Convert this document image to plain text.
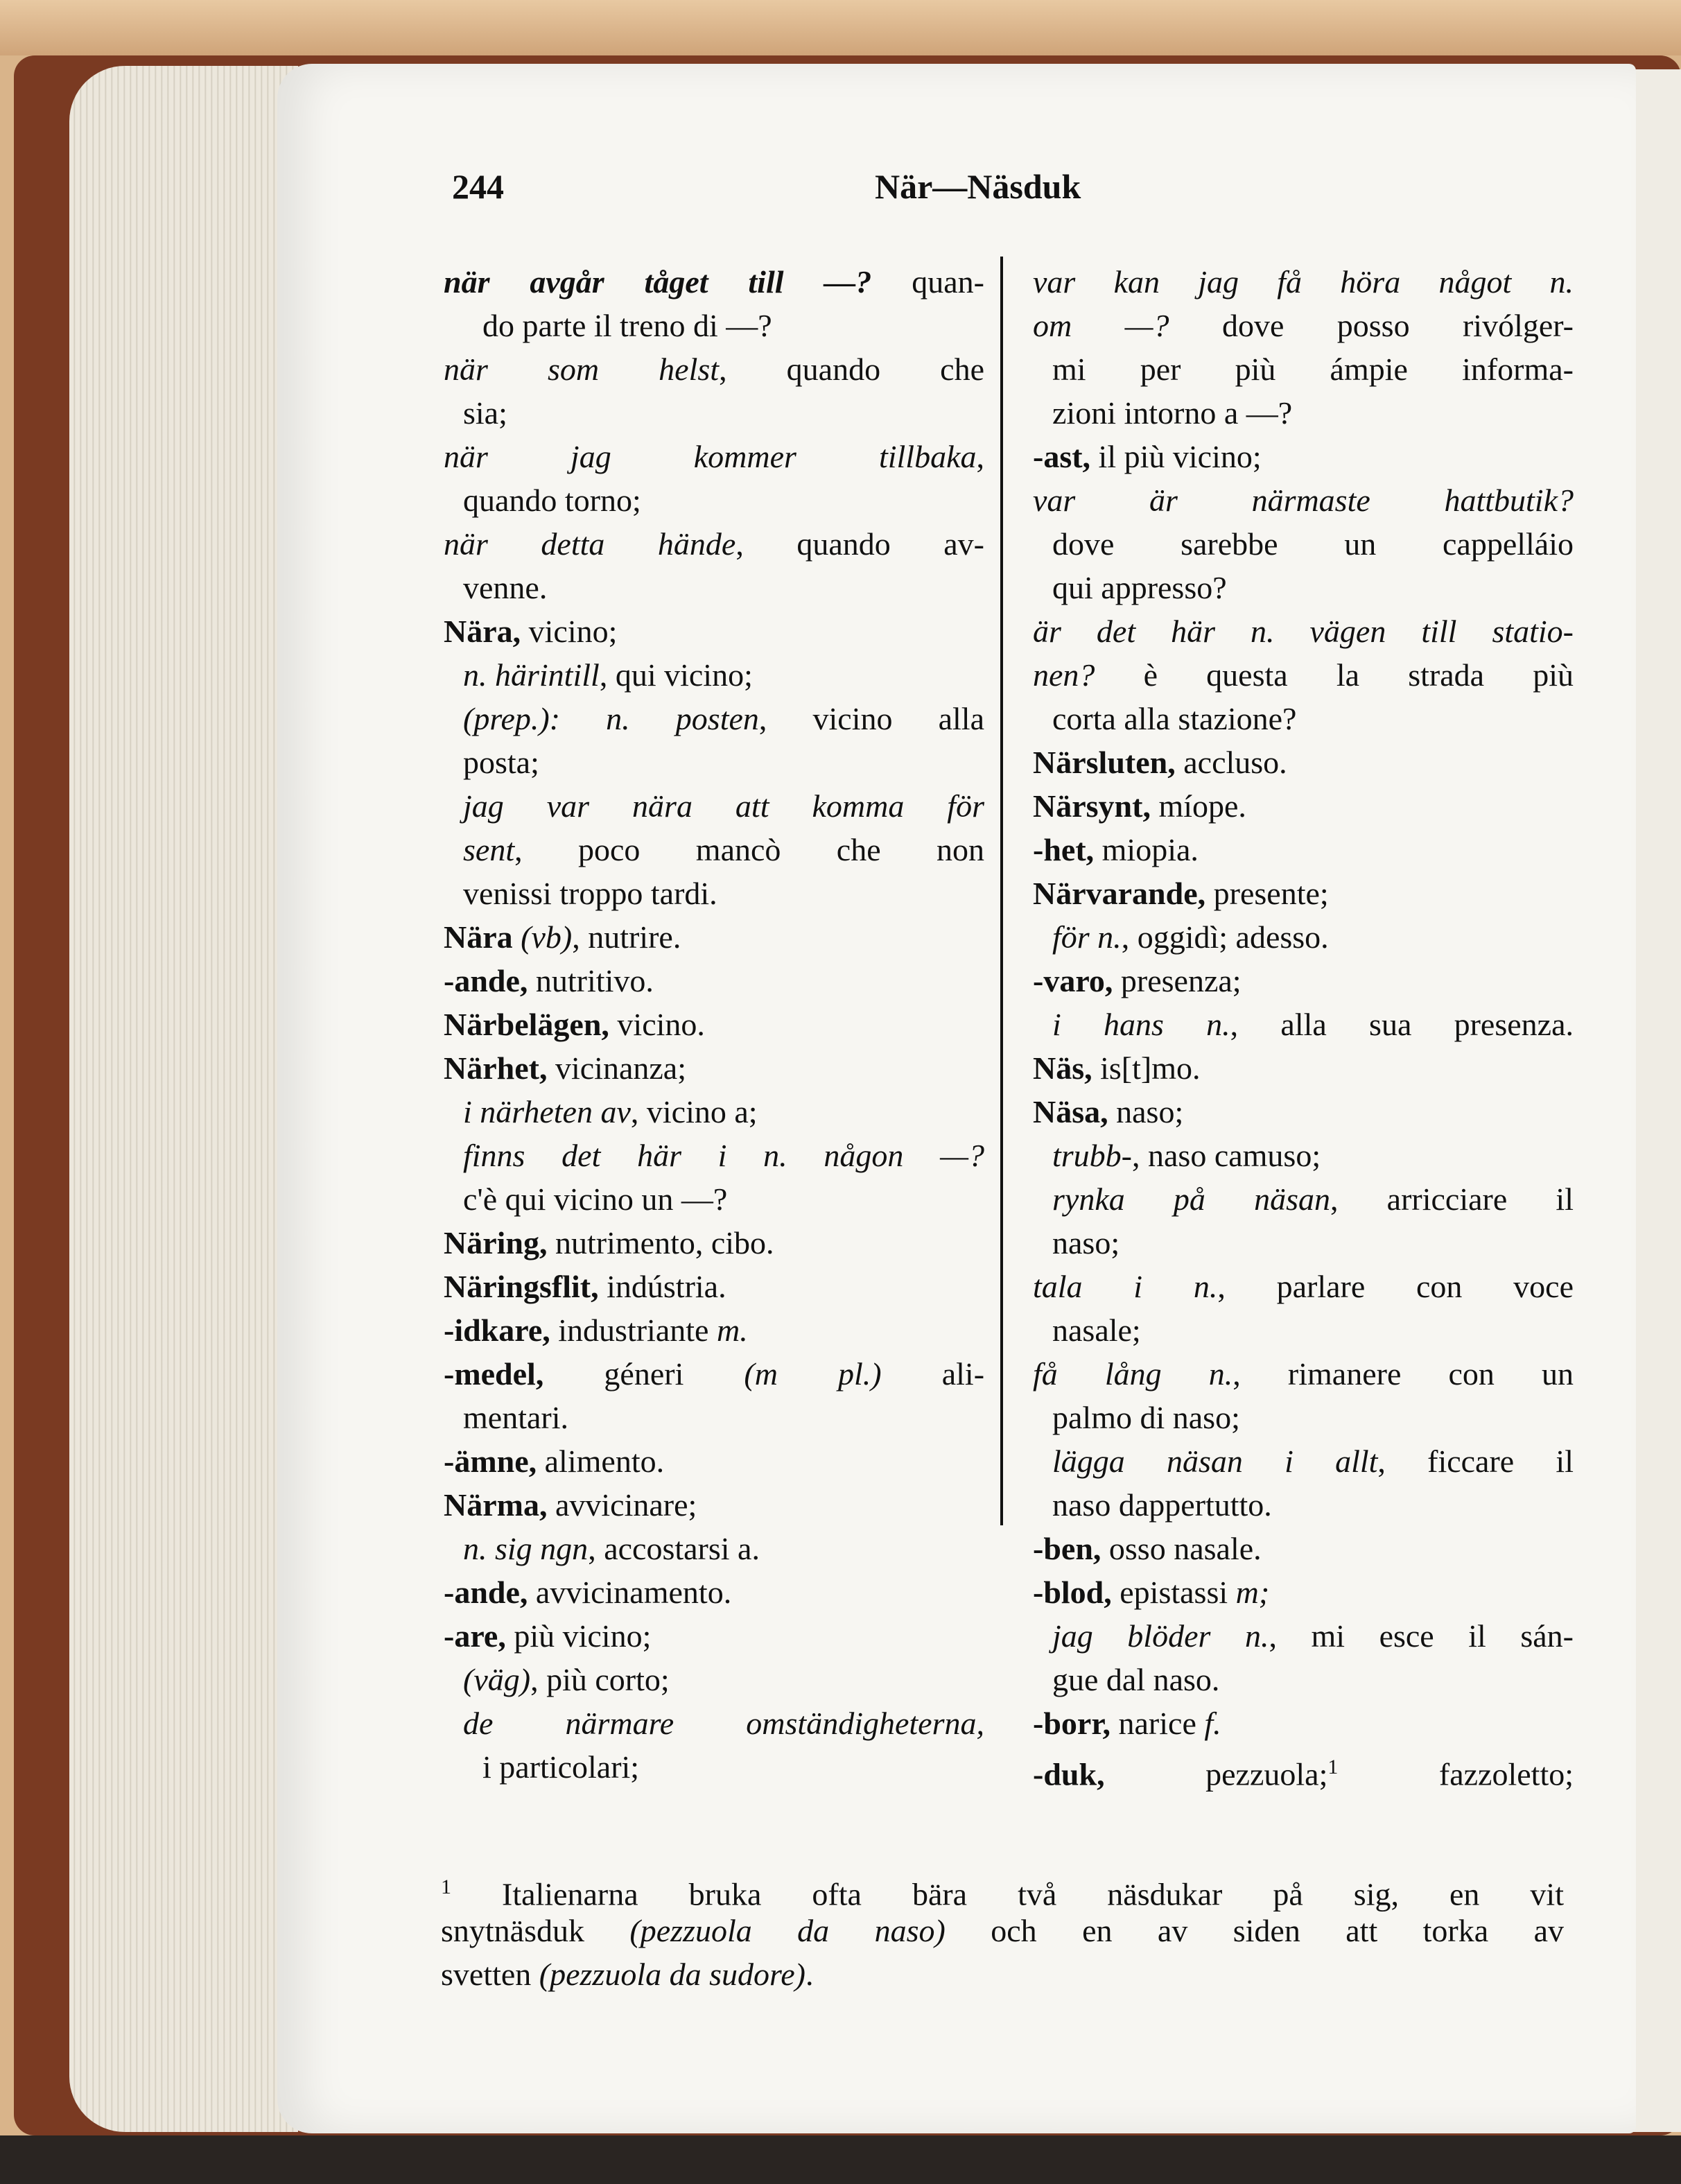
244	När—Näsduk
när avgår tåget till —? quan-
do parte il treno di —?
när som helst, quando che
sia;
när jag kommer tillbaka,
quando torno;
när detta hände, quando av-
venne.
Nära, vicino;
n. härintill, qui vicino;
(prep.): n. posten, vicino alla
posta;
jag var nära att komma för
sent, poco mancò che non
venissi troppo tardi.
Nära (vb), nutrire.
-ande, nutritivo.
Närbelägen, vicino.
Närhet, vicinanza;
i närheten av, vicino a;
finns det här i n. någon —?
c'è qui vicino un —?
Näring, nutrimento, cibo.
Näringsflit, indústria.
-idkare, industriante m.
-medel, géneri (m pl.) ali-
mentari.
-ämne, alimento.
Närma, avvicinare;
n. sig ngn, accostarsi a.
-ande, avvicinamento.
-are, più vicino;
(väg), più corto;
de närmare omständigheterna,
i particolari;
var kan jag få höra något n.
om —? dove posso rivólger-
mi per più ámpie informa-
zioni intorno a —?
-ast, il più vicino;
var är närmaste hattbutik?
dove sarebbe un cappelláio
qui appresso?
är det här n. vägen till statio-
nen? è questa la strada più
corta alla stazione?
Närsluten, accluso.
Närsynt, míope.
-het, miopia.
Närvarande, presente;
för n., oggidì; adesso.
-varo, presenza;
i hans n., alla sua presenza.
Näs, is[t]mo.
Näsa, naso;
trubb-, naso camuso;
rynka på näsan, arricciare il
naso;
tala i n., parlare con voce
nasale;
få lång n., rimanere con un
palmo di naso;
lägga näsan i allt, ficcare il
naso dappertutto.
-ben, osso nasale.
-blod, epistassi m;
jag blöder n., mi esce il sán-
gue dal naso.
-borr, narice f.
-duk, pezzuola;$^1$ fazzoletto;
$^1$ Italienarna bruka ofta bära två näsdukar på sig, en vit
snytnäsduk (pezzuola da naso) och en av siden att torka av
svetten (pezzuola da sudore).
